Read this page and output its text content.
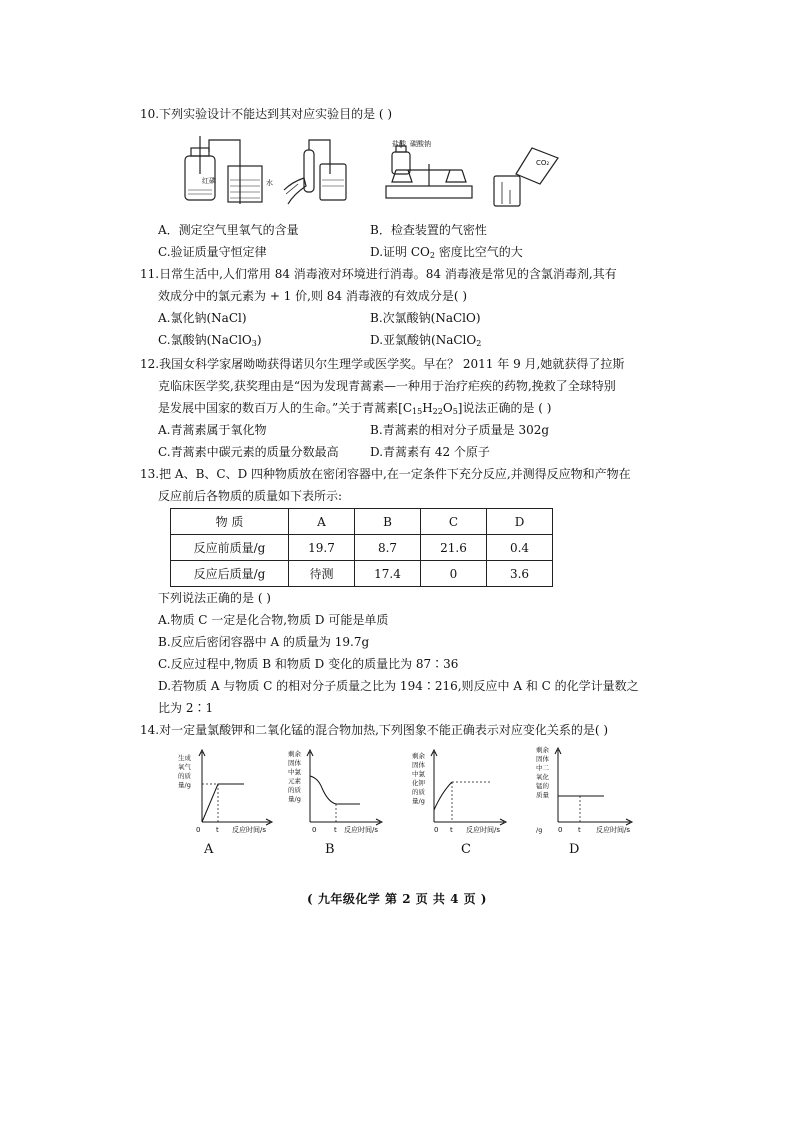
10.下列实验设计不能达到其对应实验目的是 ( )
红磷	水
盐酸 碳酸钠
CO₂
A．测定空气里氧气的含量	B．检查装置的气密性
C.验证质量守恒定律	D.证明 $CO_2$ 密度比空气的大
11.日常生活中,人们常用 84 消毒液对环境进行消毒。84 消毒液是常见的含氯消毒剂,其有
效成分中的氯元素为 + 1 价,则 84 消毒液的有效成分是( )
A.氯化钠(NaCl)	B.次氯酸钠(NaClO)
C.氯酸钠(NaClO$_3$)	D.亚氯酸钠(NaClO$_2$
12.我国女科学家屠呦呦获得诺贝尔生理学或医学奖。早在？ 2011 年 9 月,她就获得了拉斯
克临床医学奖,获奖理由是“因为发现青蒿素—一种用于治疗疟疾的药物,挽救了全球特别
是发展中国家的数百万人的生命。”关于青蒿素$[C_{15}H_{22}O_5]$说法正确的是 ( )
A.青蒿素属于氧化物	B.青蒿素的相对分子质量是 302g
C.青蒿素中碳元素的质量分数最高	D.青蒿素有 42 个原子
13.把 A、B、C、D 四种物质放在密闭容器中,在一定条件下充分反应,并测得反应物和产物在
反应前后各物质的质量如下表所示:
物 质	A	B	C	D
反应前质量/g	19.7	8.7	21.6	0.4
反应后质量/g	待测	17.4	0	3.6
下列说法正确的是 ( )
A.物质 C 一定是化合物,物质 D 可能是单质
B.反应后密闭容器中 A 的质量为 19.7g
C.反应过程中,物质 B 和物质 D 变化的质量比为 87∶36
D.若物质 A 与物质 C 的相对分子质量之比为 194∶216,则反应中 A 和 C 的化学计量数之
比为 2∶1
14.对一定量氯酸钾和二氧化锰的混合物加热,下列图象不能正确表示对应变化关系的是( )
生成
氧气
的质
量/g
0 t 反应时间/s
A
剩余
固体
中氯
元素
的质
量/g
0	t 反应时间/s
B
剩余
固体
中氯
化钾
的质
量/g
0 t 反应时间/s
C
剩余
固体
中二
氧化
锰的
质量
/g 0 t 反应时间/s
D
( 九年级化学 第 2 页 共 4 页 )
